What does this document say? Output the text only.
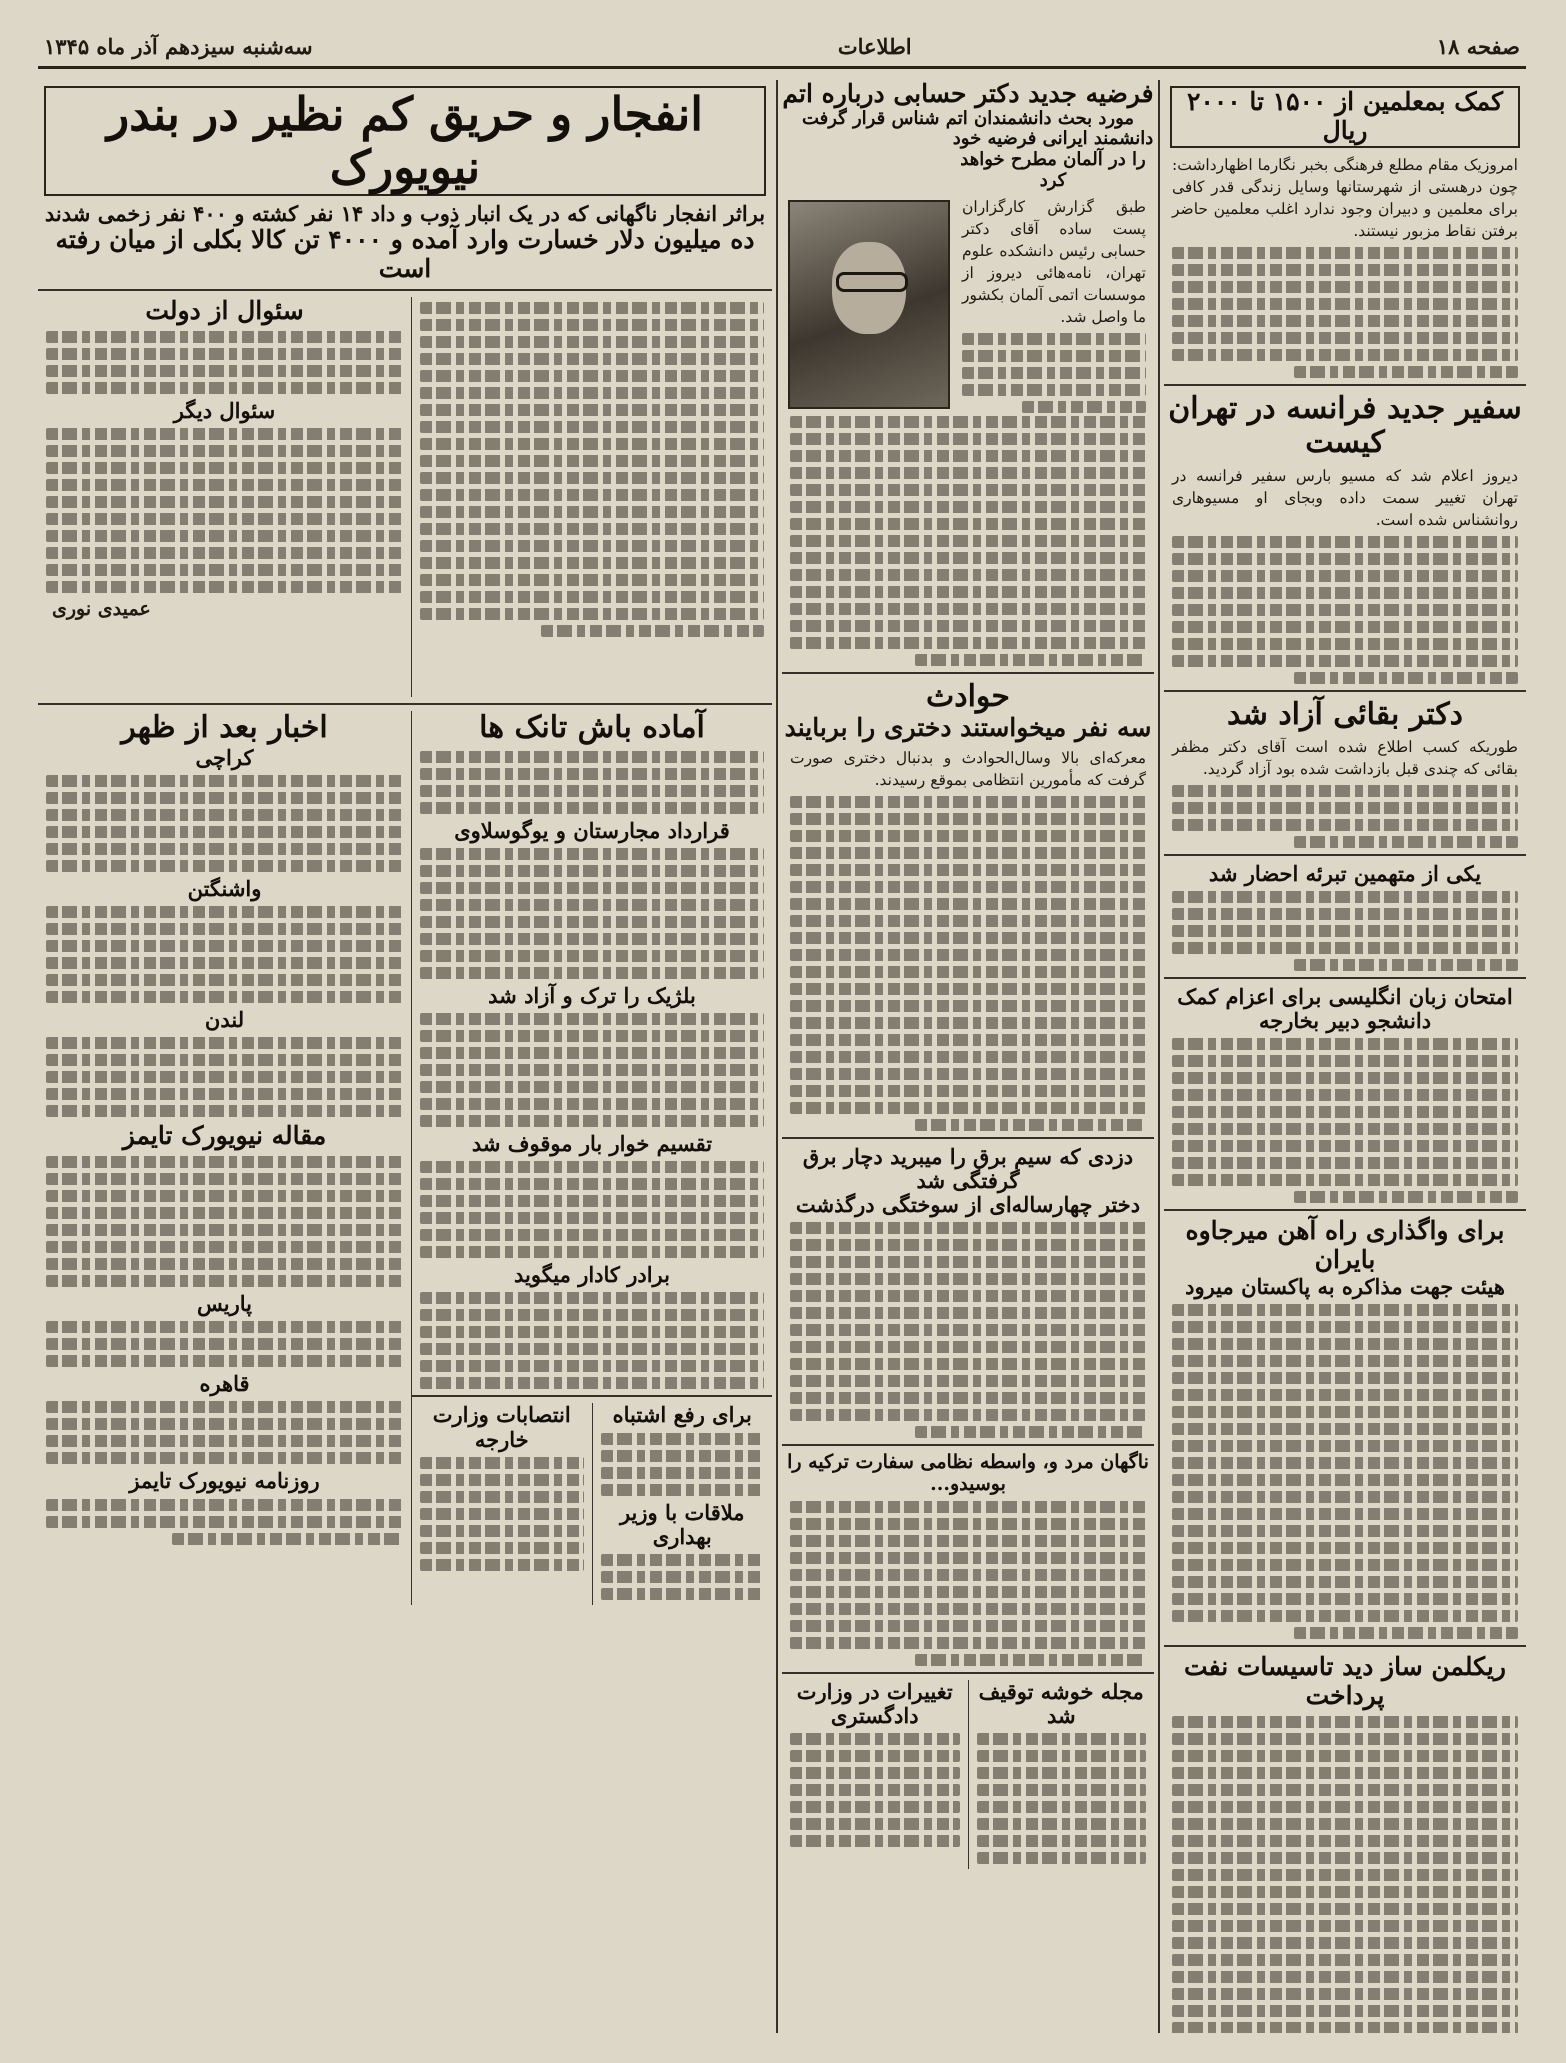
صفحه ۱۸
اطلاعات
سه‌شنبه سیزدهم آذر ماه ۱۳۴۵
کمک بمعلمین از ۱۵۰۰ تا ۲۰۰۰ ریال
امروزیک مقام مطلع فرهنگی بخبر نگارما اظهارداشت: چون درهستی از شهرستانها وسایل زندگی قدر کافی برای معلمین و دبیران وجود ندارد اغلب معلمین حاضر برفتن نقاط مزبور نیستند.
سفیر جدید فرانسه در تهران کیست
دیروز اعلام شد که مسیو بارس سفیر فرانسه در تهران تغییر سمت داده وبجای او مسیوهاری روانشناس شده است.
دکتر بقائی آزاد شد
طوریکه کسب اطلاع شده است آقای دکتر مظفر بقائی که چندی قبل بازداشت شده بود آزاد گردید.
یکی از متهمین تبرئه احضار شد
امتحان زبان انگلیسی برای اعزام کمک دانشجو دبیر بخارجه
برای واگذاری راه آهن میرجاوه بایران
هیئت جهت مذاکره به پاکستان میرود
ریکلمن ساز دید تاسیسات نفت پرداخت
فرضیه جدید دکتر حسابی درباره اتم
مورد بحث دانشمندان اتم شناس قرار گرفت
دانشمند ایرانی فرضیه خود را در آلمان مطرح خواهد کرد
طبق گزارش کارگزاران پست ساده آقای دکتر حسابی رئیس دانشکده علوم تهران، نامه‌هائی دیروز از موسسات اتمی آلمان بکشور ما واصل شد.
حوادث
سه نفر میخواستند دختری را بربایند
معرکه‌ای بالا وسال‌الحوادث و بدنبال دختری صورت گرفت که مأمورین انتظامی بموقع رسیدند.
دزدی که سیم برق را میبرید دچار برق گرفتگی شد
دختر چهارساله‌ای از سوختگی درگذشت
ناگهان مرد و، واسطه نظامی سفارت ترکیه را بوسیدو...
مجله خوشه توقیف شد
تغییرات در وزارت دادگستری
انفجار و حریق کم نظیر در بندر نیویورک
براثر انفجار ناگهانی که در یک انبار ذوب و داد ۱۴ نفر کشته و ۴۰۰ نفر زخمی شدند
ده میلیون دلار خسارت وارد آمده و ۴۰۰۰ تن کالا بکلی از میان رفته است
سئوال از دولت
سئوال دیگر
عمیدی نوری
آماده باش تانک ها
قرارداد مجارستان و یوگوسلاوی
بلژیک را ترک و آزاد شد
تقسیم خوار بار موقوف شد
برادر کادار میگوید
برای رفع اشتباه
ملاقات با وزیر بهداری
انتصابات وزارت خارجه
اخبار بعد از ظهر
کراچی
واشنگتن
لندن
مقاله نیویورک تایمز
پاریس
قاهره
روزنامه نیویورک تایمز
